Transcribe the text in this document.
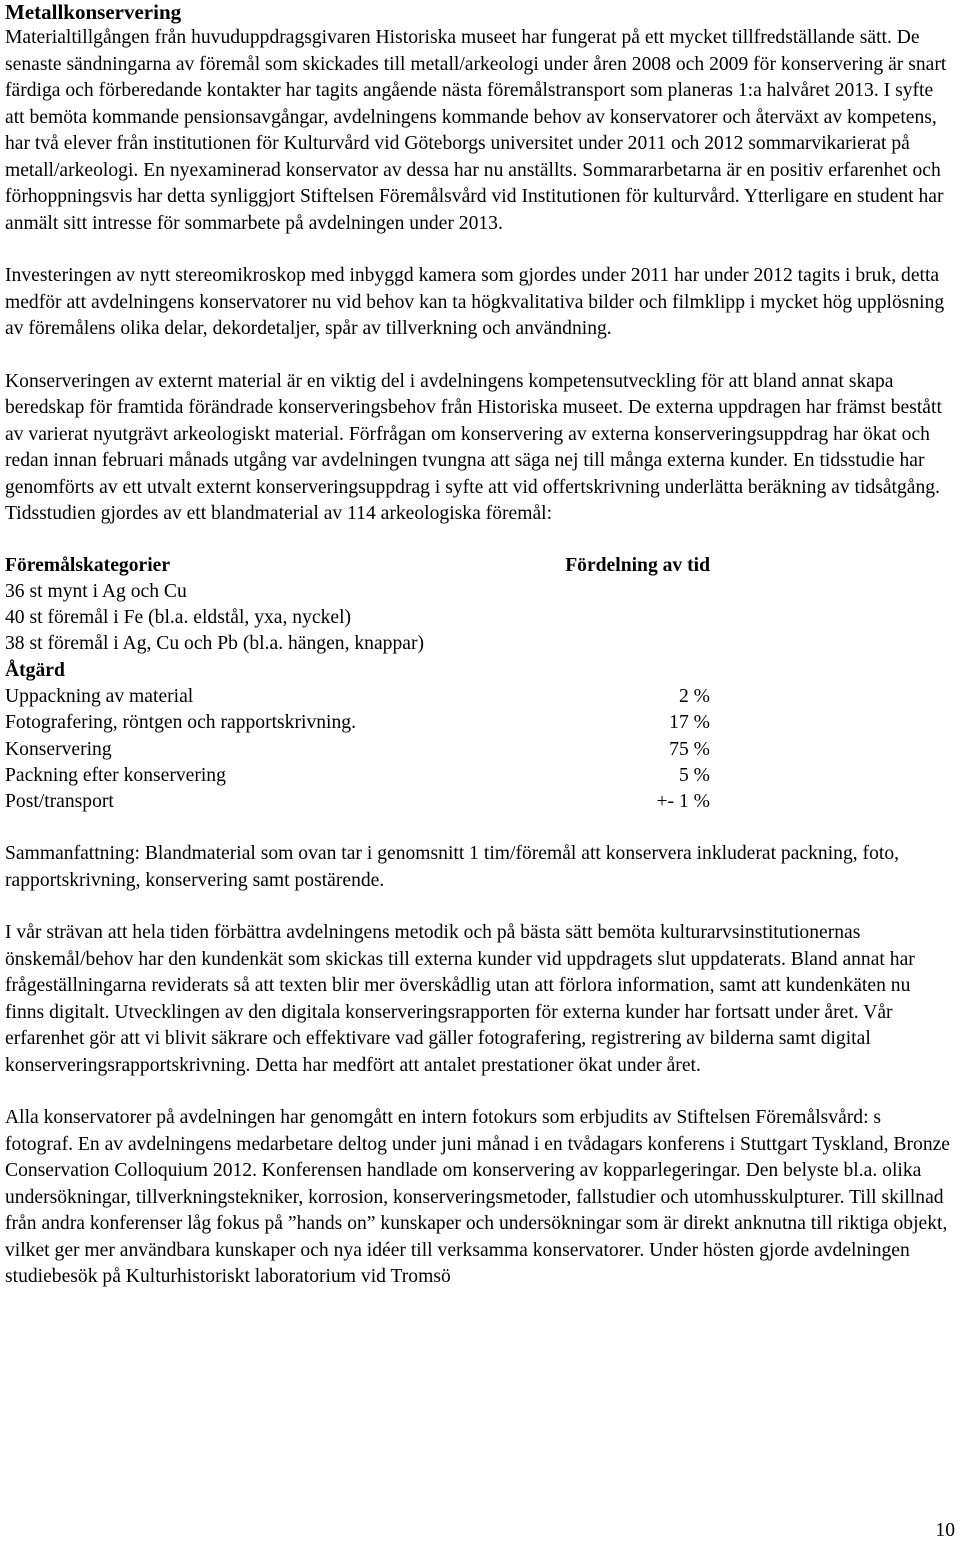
Metallkonservering

Materialtillgången från huvuduppdragsgivaren Historiska museet har fungerat på ett mycket tillfredställande sätt. De senaste sändningarna av föremål som skickades till metall/arkeologi under åren 2008 och 2009 för konservering är snart färdiga och förberedande kontakter har tagits angående nästa föremålstransport som planeras 1:a halvåret 2013. I syfte att bemöta kommande pensionsavgångar, avdelningens kommande behov av konservatorer och återväxt av kompetens, har två elever från institutionen för Kulturvård vid Göteborgs universitet under 2011 och 2012 sommarvikarierat på metall/arkeologi. En nyexaminerad konservator av dessa har nu anställts. Sommararbetarna är en positiv erfarenhet och förhoppningsvis har detta synliggjort Stiftelsen Föremålsvård vid Institutionen för kulturvård. Ytterligare en student har anmält sitt intresse för sommarbete på avdelningen under 2013.

Investeringen av nytt stereomikroskop med inbyggd kamera som gjordes under 2011 har under 2012 tagits i bruk, detta medför att avdelningens konservatorer nu vid behov kan ta högkvalitativa bilder och filmklipp i mycket hög upplösning av föremålens olika delar, dekordetaljer, spår av tillverkning och användning.

Konserveringen av externt material är en viktig del i avdelningens kompetensutveckling för att bland annat skapa beredskap för framtida förändrade konserveringsbehov från Historiska museet. De externa uppdragen har främst bestått av varierat nyutgrävt arkeologiskt material. Förfrågan om konservering av externa konserveringsuppdrag har ökat och redan innan februari månads utgång var avdelningen tvungna att säga nej till många externa kunder. En tidsstudie har genomförts av ett utvalt externt konserveringsuppdrag i syfte att vid offertskrivning underlätta beräkning av tidsåtgång. Tidsstudien gjordes av ett blandmaterial av 114 arkeologiska föremål:

Föremålskategorier	Fördelning av tid
36 st mynt i Ag och Cu
40 st föremål i Fe (bl.a. eldstål, yxa, nyckel)
38 st föremål i Ag, Cu och Pb (bl.a. hängen, knappar)
Åtgärd
Uppackning av material	2 %
Fotografering, röntgen och rapportskrivning.	17 %
Konservering	75 %
Packning efter konservering	5 %
Post/transport	+- 1 %

Sammanfattning: Blandmaterial som ovan tar i genomsnitt 1 tim/föremål att konservera inkluderat packning, foto, rapportskrivning, konservering samt postärende.

I vår strävan att hela tiden förbättra avdelningens metodik och på bästa sätt bemöta kulturarvsinstitutionernas önskemål/behov har den kundenkät som skickas till externa kunder vid uppdragets slut uppdaterats. Bland annat har frågeställningarna reviderats så att texten blir mer överskådlig utan att förlora information, samt att kundenkäten nu finns digitalt. Utvecklingen av den digitala konserveringsrapporten för externa kunder har fortsatt under året. Vår erfarenhet gör att vi blivit säkrare och effektivare vad gäller fotografering, registrering av bilderna samt digital konserveringsrapportskrivning. Detta har medfört att antalet prestationer ökat under året.

Alla konservatorer på avdelningen har genomgått en intern fotokurs som erbjudits av Stiftelsen Föremålsvård: s fotograf. En av avdelningens medarbetare deltog under juni månad i en tvådagars konferens i Stuttgart Tyskland, Bronze Conservation Colloquium 2012. Konferensen handlade om konservering av kopparlegeringar. Den belyste bl.a. olika undersökningar, tillverkningstekniker, korrosion, konserveringsmetoder, fallstudier och utomhusskulpturer. Till skillnad från andra konferenser låg fokus på ”hands on” kunskaper och undersökningar som är direkt anknutna till riktiga objekt, vilket ger mer användbara kunskaper och nya idéer till verksamma konservatorer. Under hösten gjorde avdelningen studiebesök på Kulturhistoriskt laboratorium vid Tromsö

10
